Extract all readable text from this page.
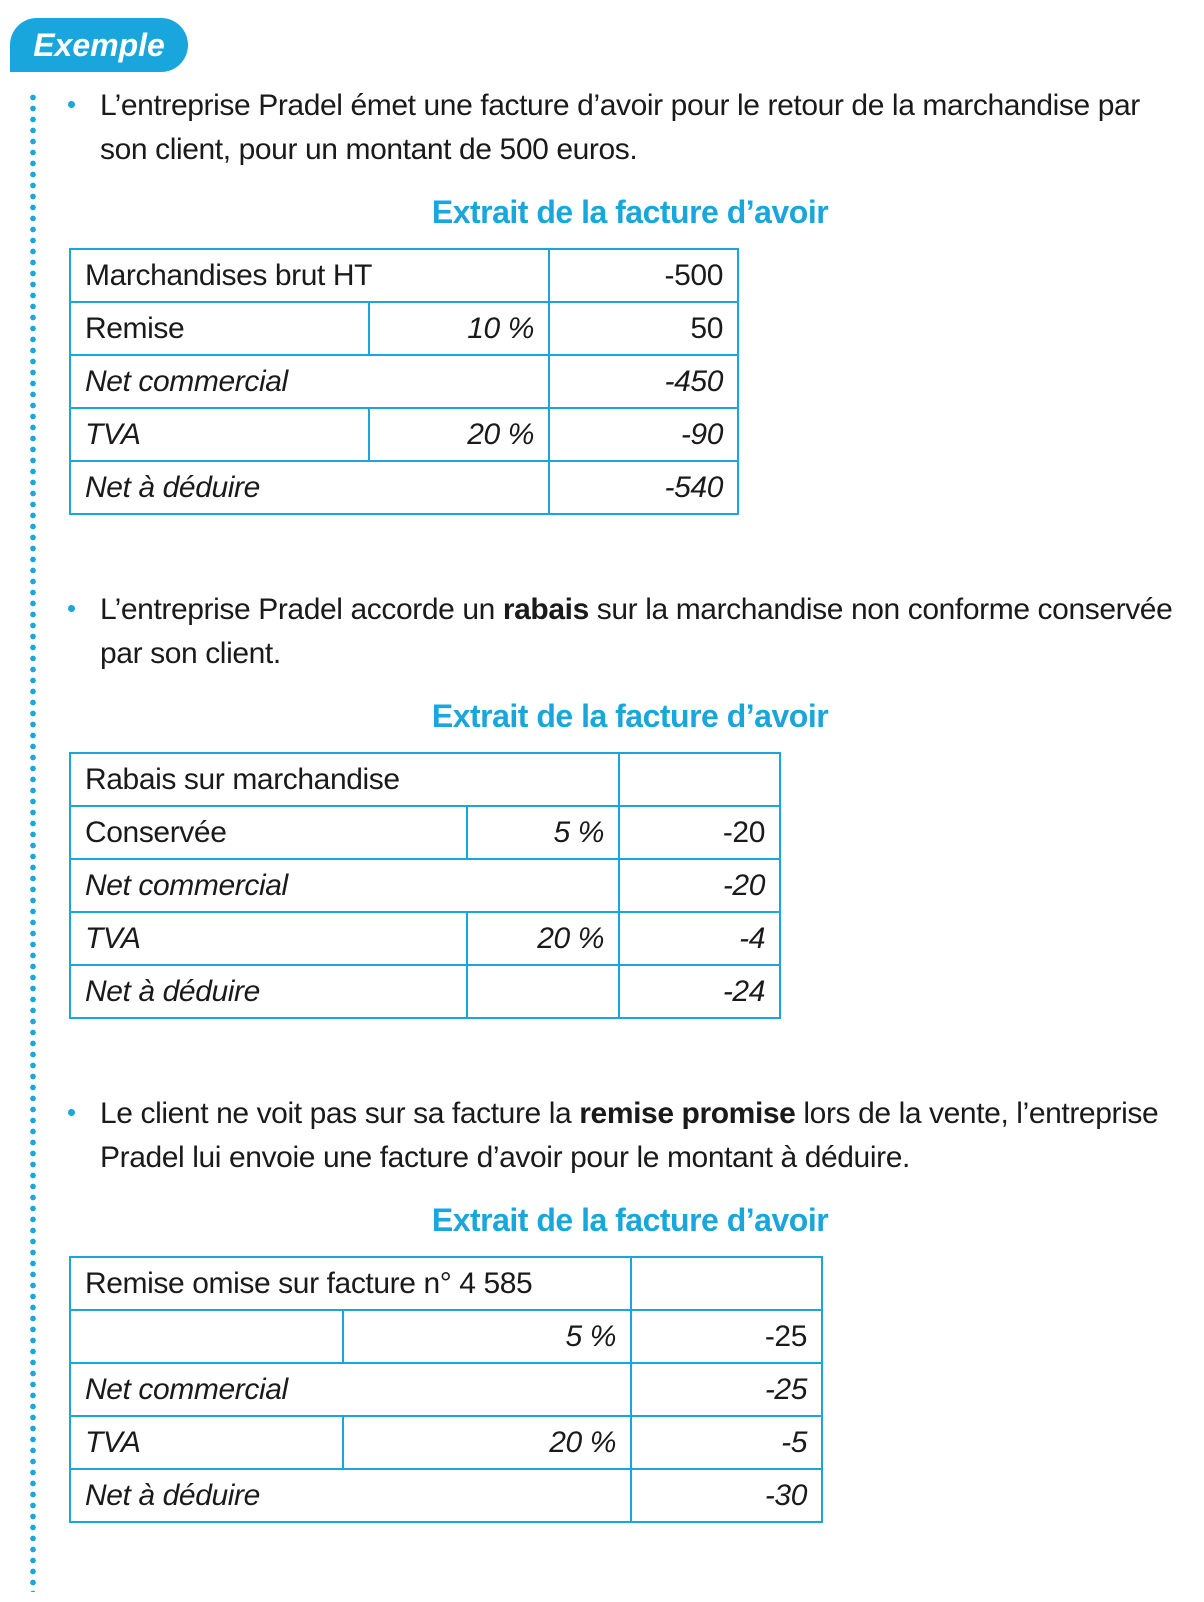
Exemple

L’entreprise Pradel émet une facture d’avoir pour le retour de la marchandise par son client, pour un montant de 500 euros.

Extrait de la facture d’avoir
Marchandises brut HT		-500
Remise	10 %	50
Net commercial		-450
TVA	20 %	-90
Net à déduire		-540

L’entreprise Pradel accorde un rabais sur la marchandise non conforme conservée par son client.

Extrait de la facture d’avoir
Rabais sur marchandise		
Conservée	5 %	-20
Net commercial		-20
TVA	20 %	-4
Net à déduire		-24

Le client ne voit pas sur sa facture la remise promise lors de la vente, l’entreprise Pradel lui envoie une facture d’avoir pour le montant à déduire.

Extrait de la facture d’avoir
Remise omise sur facture n° 4 585		
	5 %	-25
Net commercial		-25
TVA	20 %	-5
Net à déduire		-30
